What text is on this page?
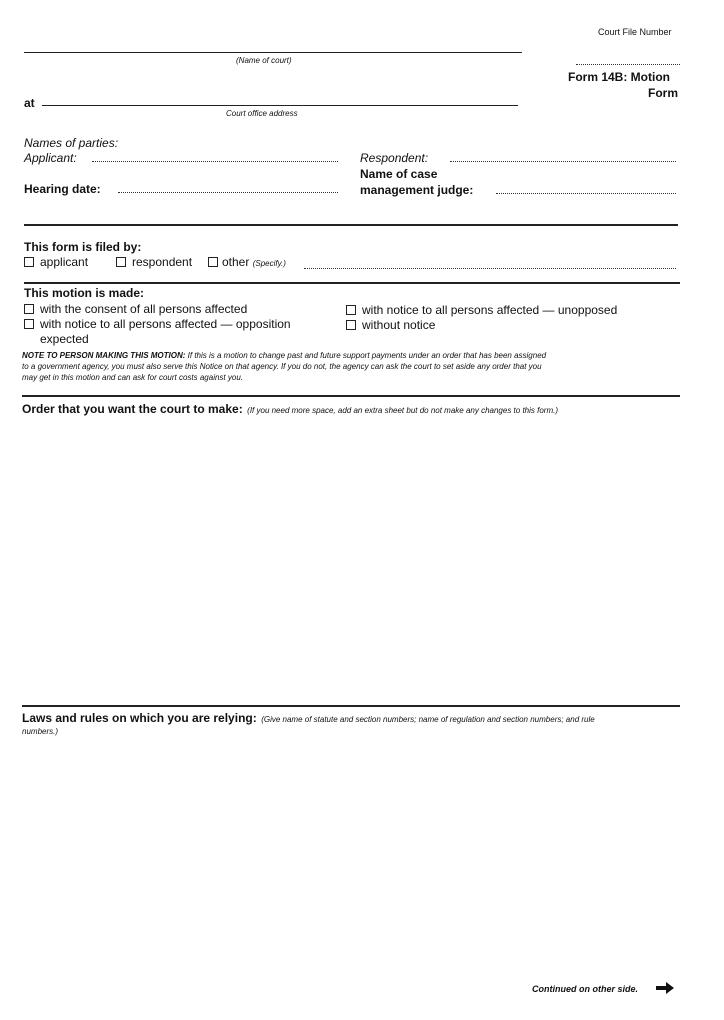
Court File Number
(Name of court)
Form 14B: Motion
Form
at
Court office address
Names of parties:
Applicant:	Respondent:
Name of case
Hearing date:	management judge:
This form is filed by:
applicant	respondent	other (Specify.)
This motion is made:
with the consent of all persons affected	with notice to all persons affected — unopposed
with notice to all persons affected — opposition
expected
without notice
NOTE TO PERSON MAKING THIS MOTION: If this is a motion to change past and future support payments under an order that has been assigned
to a government agency, you must also serve this Notice on that agency. If you do not, the agency can ask the court to set aside any order that you
may get in this motion and can ask for court costs against you.
Order that you want the court to make: (If you need more space, add an extra sheet but do not make any changes to this form.)
Laws and rules on which you are relying: (Give name of statute and section numbers; name of regulation and section numbers; and rule
numbers.)
Continued on other side.
